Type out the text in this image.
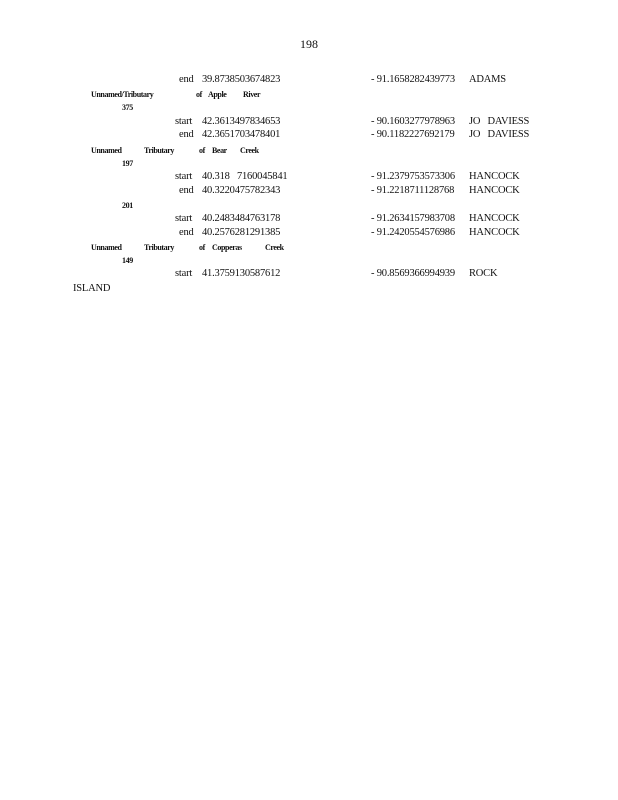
198
end 39.8738503674823	- 91.1658282439773 ADAMS
Unnamed/Tributary	of Apple River
375
start 42.3613497834653	- 90.1603277978963 JO   DAVIESS
end 42.3651703478401	- 90.1182227692179 JO   DAVIESS
Unnamed	Tributary	of Bear Creek
197
start 40.318   7160045841	- 91.2379753573306 HANCOCK
end 40.3220475782343	- 91.2218711128768 HANCOCK
201
start 40.2483484763178	- 91.2634157983708 HANCOCK
end 40.2576281291385	- 91.2420554576986 HANCOCK
Unnamed	Tributary	of Copperas	Creek
149
start 41.3759130587612	- 90.8569366994939 ROCK
ISLAND
